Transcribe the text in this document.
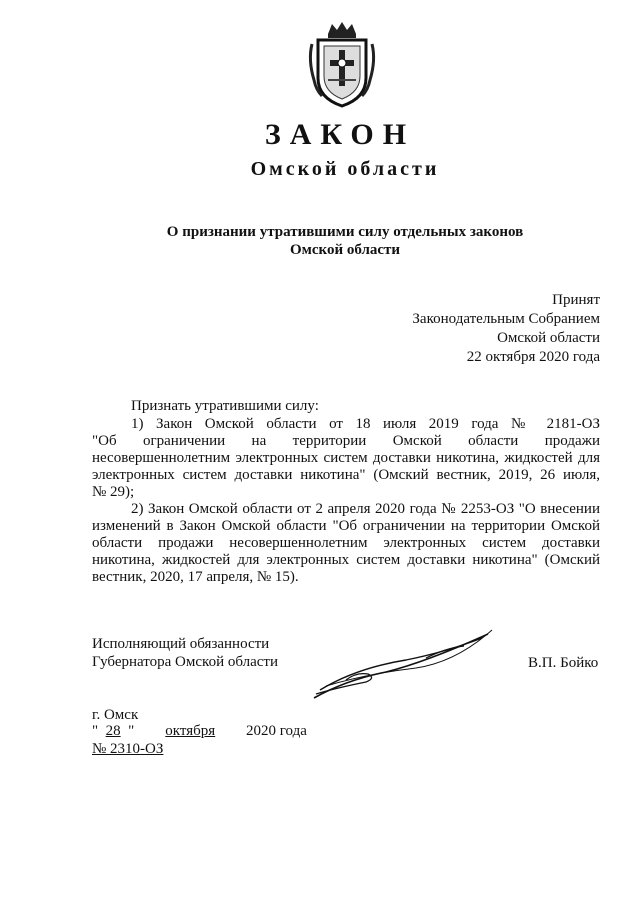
ЗАКОН
Омской области
О признании утратившими силу отдельных законов
Омской области
Принят
Законодательным Собранием
Омской области
22 октября 2020 года
Признать утратившими силу:
1) Закон Омской области от 18 июля 2019 года № 2181-ОЗ
"Об ограничении на территории Омской области продажи
несовершеннолетним электронных систем доставки никотина, жидкостей для
электронных систем доставки никотина" (Омский вестник, 2019, 26 июля,
№ 29);
2) Закон Омской области от 2 апреля 2020 года № 2253-ОЗ "О внесении
изменений в Закон Омской области "Об ограничении на территории Омской
области продажи несовершеннолетним электронных систем доставки
никотина, жидкостей для электронных систем доставки никотина" (Омский
вестник, 2020, 17 апреля, № 15).
Исполняющий обязанности
Губернатора Омской области	В.П. Бойко
г. Омск
" 28 " октября 2020 года
№ 2310-ОЗ
